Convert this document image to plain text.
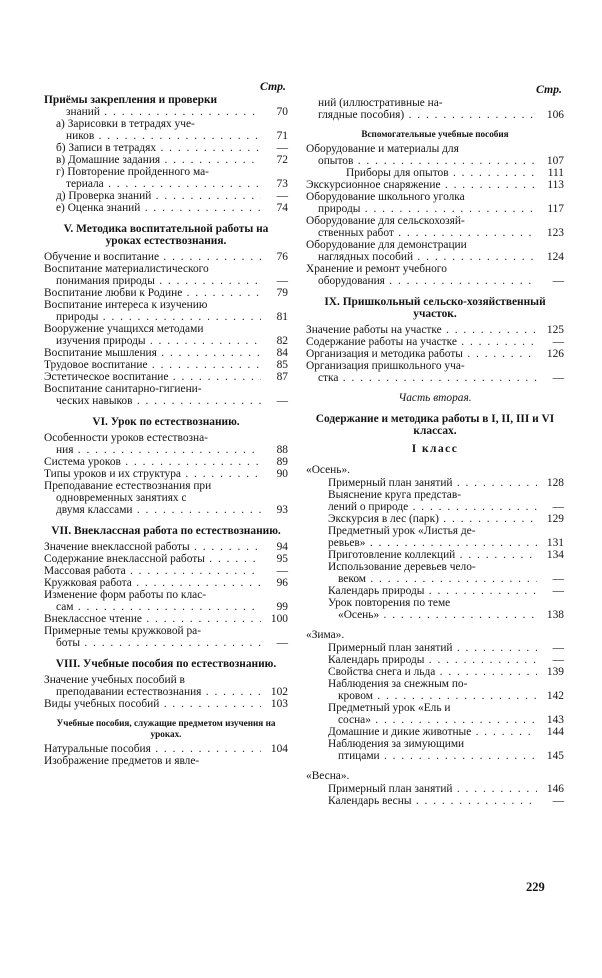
Стр.
Приёмы закрепления и проверки
знаний . . .	70
а) Зарисовки в тетрадях уче-
ников . . .	71
б) Записи в тетрадях . . .	—
в) Домашние задания . . .	72
г) Повторение пройденного ма-
териала . . .	73
д) Проверка знаний . . .	—
е) Оценка знаний . . .	74
V. Методика воспитательной работы на уроках естествознания.
Обучение и воспитание . . .	76
Воспитание материалистического
понимания природы . . .	—
Воспитание любви к Родине . . .	79
Воспитание интереса к изучению
природы . . .	81
Вооружение учащихся методами
изучения природы . . .	82
Воспитание мышления . . .	84
Трудовое воспитание . . .	85
Эстетическое воспитание . . .	87
Воспитание санитарно-гигиени-
ческих навыков . . .	—
VI. Урок по естествознанию.
Особенности уроков естествозна-
ния . . .	88
Система уроков . . .	89
Типы уроков и их структура . . .	90
Преподавание естествознания при
одновременных занятиях с
двумя классами . . .	93
VII. Внеклассная работа по естествознанию.
Значение внеклассной работы . . .	94
Содержание внеклассной работы . . .	95
Массовая работа . . .	—
Кружковая работа . . .	96
Изменение форм работы по клас-
сам . . .	99
Внеклассное чтение . . .	100
Примерные темы кружковой ра-
боты . . .	—
VIII. Учебные пособия по естествознанию.
Значение учебных пособий в
преподавании естествознания . . .	102
Виды учебных пособий . . .	103
Учебные пособия, служащие предметом изучения на уроках.
Натуральные пособия . . .	104
Изображение предметов и явле-
Стр.
ний (иллюстративные на-
глядные пособия) . . .	106
Вспомогательные учебные пособия
Оборудование и материалы для
опытов . . .	107
Приборы для опытов . . .	111
Экскурсионное снаряжение . . .	113
Оборудование школьного уголка
природы . . .	117
Оборудование для сельскохозяй-
ственных работ . . .	123
Оборудование для демонстрации
наглядных пособий . . .	124
Хранение и ремонт учебного
оборудования . . .	—
IX. Пришкольный сельско-хозяйственный участок.
Значение работы на участке . . .	125
Содержание работы на участке . . .	—
Организация и методика работы . . .	126
Организация пришкольного уча-
стка . . .	—
Часть вторая.
Содержание и методика работы в I, II, III и VI классах.
I класс
«Осень».
Примерный план занятий . . .	128
Выяснение круга представ-
лений о природе . . .	—
Экскурсия в лес (парк) . . .	129
Предметный урок «Листья де-
ревьев» . . .	131
Приготовление коллекций . . .	134
Использование деревьев чело-
веком . . .	—
Календарь природы . . .	—
Урок повторения по теме
«Осень» . . .	138
«Зима».
Примерный план занятий . . .	—
Календарь природы . . .	—
Свойства снега и льда . . .	139
Наблюдения за снежным по-
кровом . . .	142
Предметный урок «Ель и
сосна» . . .	143
Домашние и дикие животные . . .	144
Наблюдения за зимующими
птицами . . .	145
«Весна».
Примерный план занятий . . .	146
Календарь весны . . .	—
229
